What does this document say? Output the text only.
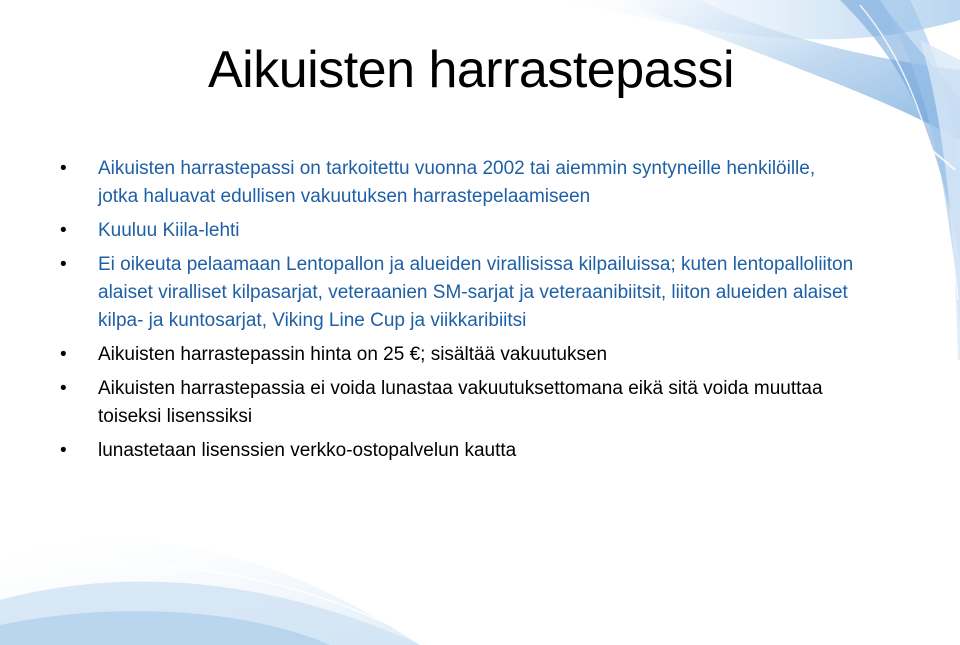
Aikuisten harrastepassi
• Aikuisten harrastepassi on tarkoitettu vuonna 2002 tai aiemmin syntyneille henkilöille, jotka haluavat edullisen vakuutuksen harrastepelaamiseen
• Kuuluu Kiila-lehti
• Ei oikeuta pelaamaan Lentopallon ja alueiden virallisissa kilpailuissa; kuten lentopalloliiton alaiset viralliset kilpasarjat, veteraanien SM-sarjat ja veteraanibiitsit, liiton alueiden alaiset kilpa- ja kuntosarjat, Viking Line Cup ja viikkaribiitsi
• Aikuisten harrastepassin hinta on 25 €; sisältää vakuutuksen
• Aikuisten harrastepassia ei voida lunastaa vakuutuksettomana eikä sitä voida muuttaa toiseksi lisenssiksi
• lunastetaan lisenssien verkko-ostopalvelun kautta
